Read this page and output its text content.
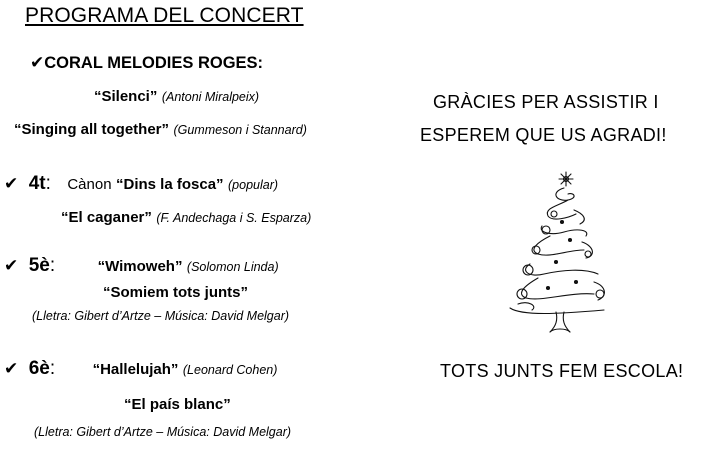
PROGRAMA DEL CONCERT
✔CORAL MELODIES ROGES:
“Silenci” (Antoni Miralpeix)
“Singing all together” (Gummeson i Stannard)
✔ 4t: Cànon “Dins la fosca” (popular)
“El caganer” (F. Andechaga i S. Esparza)
✔ 5è:	“Wimoweh” (Solomon Linda)
“Somiem tots junts”
(Lletra: Gibert d’Artze – Música: David Melgar)
✔ 6è: “Hallelujah” (Leonard Cohen)
“El país blanc”
(Lletra: Gibert d’Artze – Música: David Melgar)
GRÀCIES PER ASSISTIR I
ESPEREM QUE US AGRADI!
TOTS JUNTS FEM ESCOLA!
